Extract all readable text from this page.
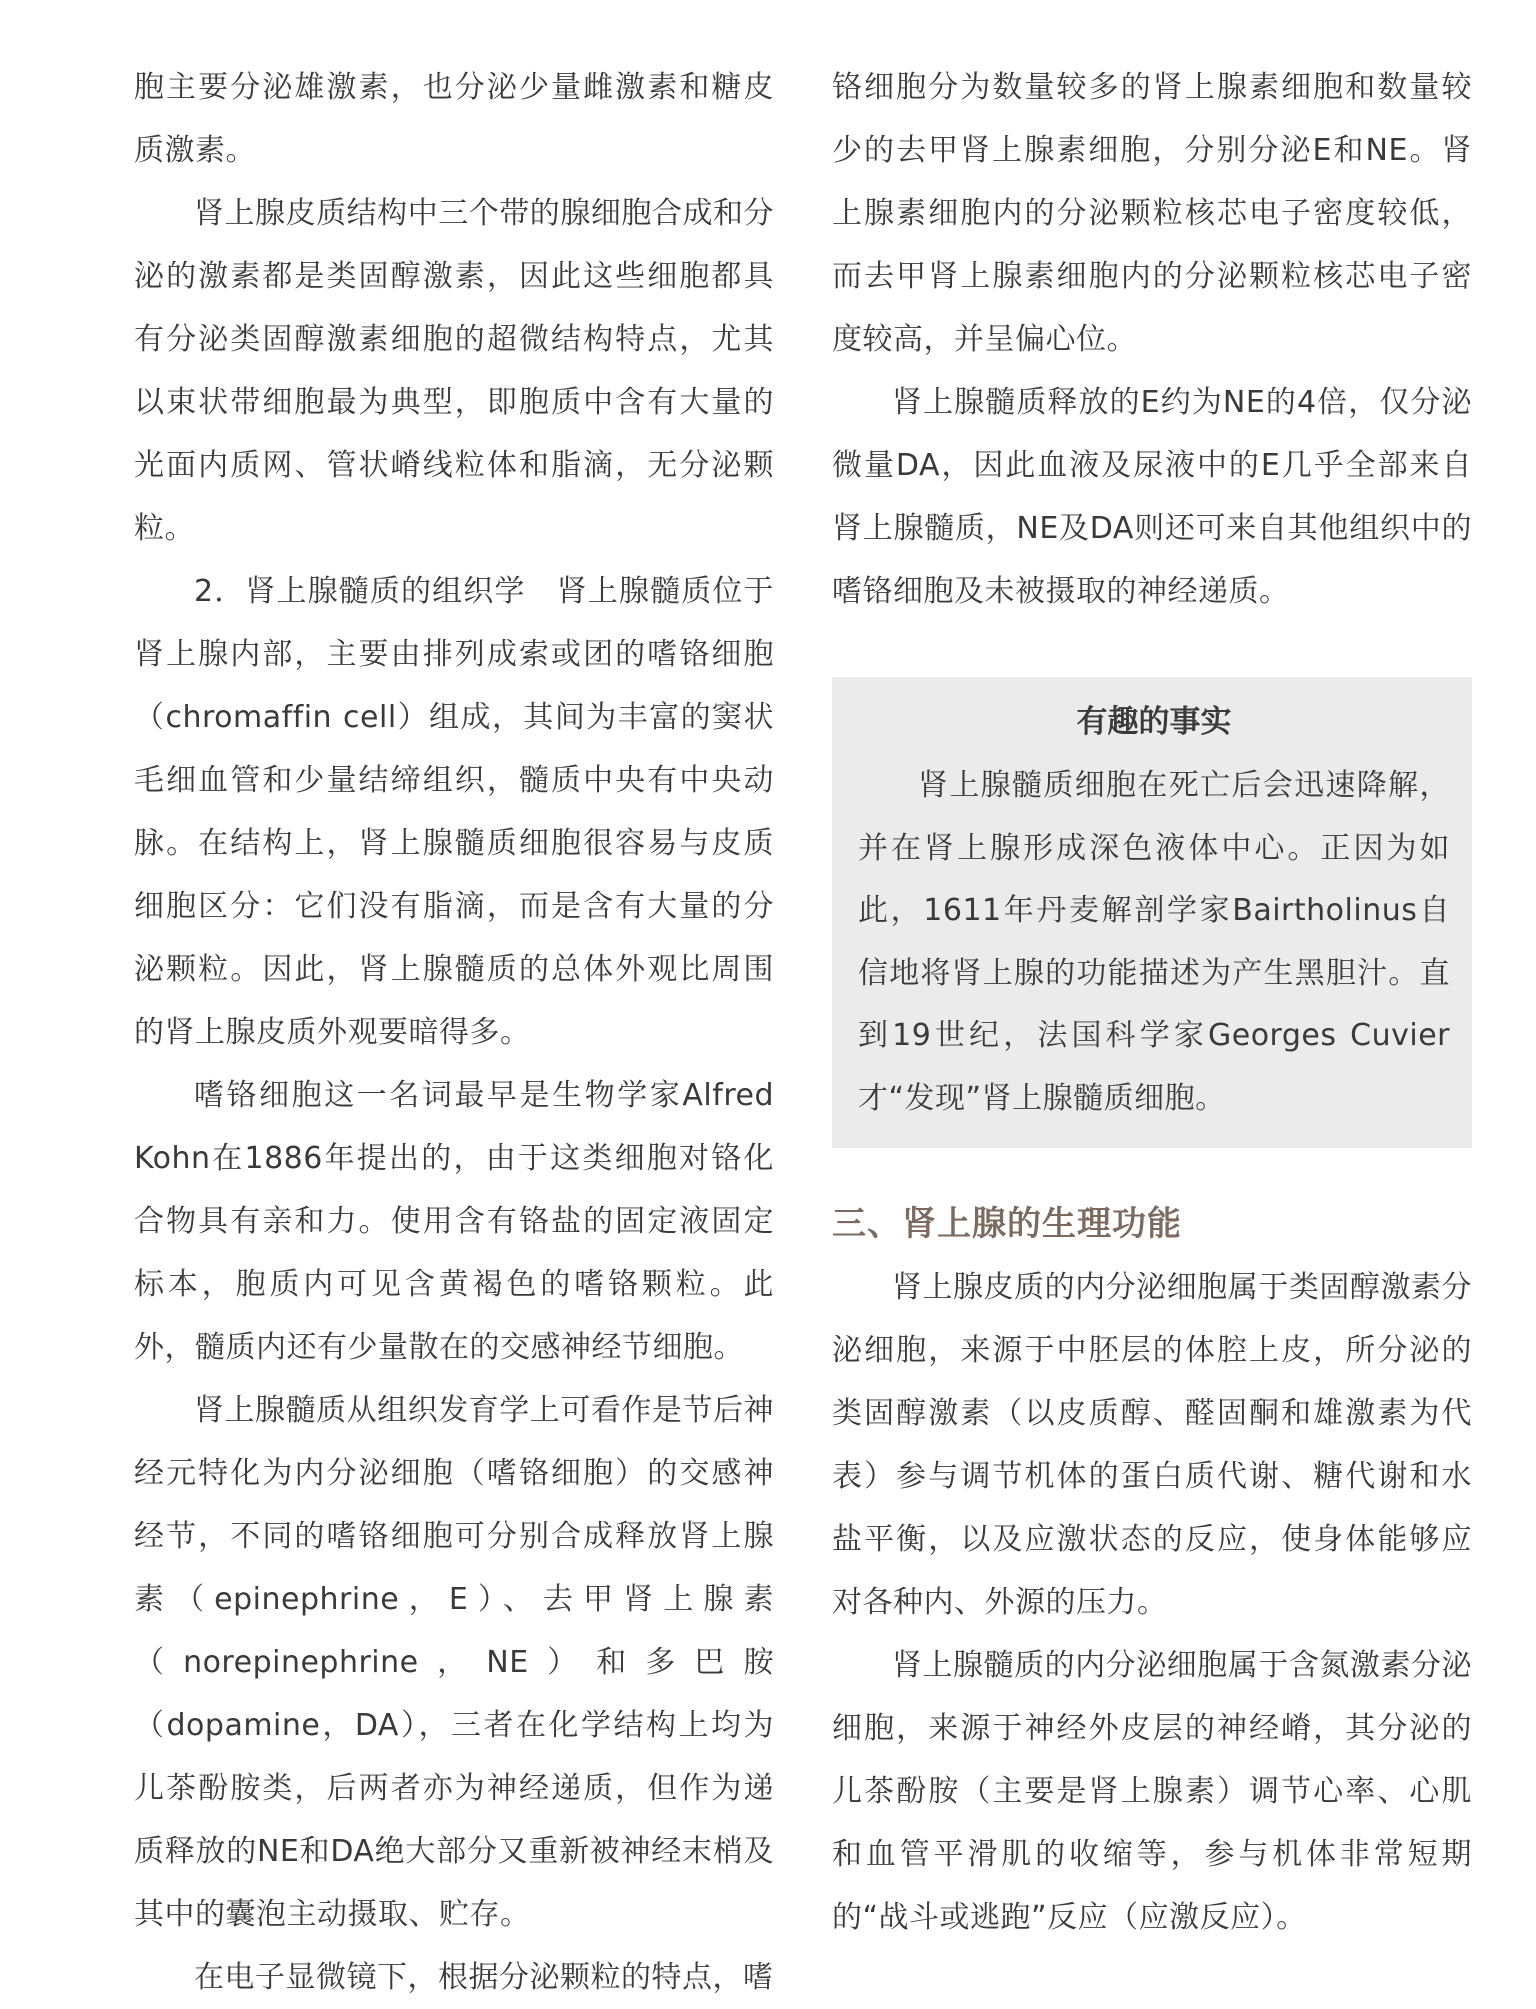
胞主要分泌雄激素，也分泌少量雌激素和糖皮质激素。

肾上腺皮质结构中三个带的腺细胞合成和分泌的激素都是类固醇激素，因此这些细胞都具有分泌类固醇激素细胞的超微结构特点，尤其以束状带细胞最为典型，即胞质中含有大量的光面内质网、管状嵴线粒体和脂滴，无分泌颗粒。

2．肾上腺髓质的组织学　肾上腺髓质位于肾上腺内部，主要由排列成索或团的嗜铬细胞（chromaffin cell）组成，其间为丰富的窦状毛细血管和少量结缔组织，髓质中央有中央动脉。在结构上，肾上腺髓质细胞很容易与皮质细胞区分：它们没有脂滴，而是含有大量的分泌颗粒。因此，肾上腺髓质的总体外观比周围的肾上腺皮质外观要暗得多。

嗜铬细胞这一名词最早是生物学家Alfred Kohn在1886年提出的，由于这类细胞对铬化合物具有亲和力。使用含有铬盐的固定液固定标本，胞质内可见含黄褐色的嗜铬颗粒。此外，髓质内还有少量散在的交感神经节细胞。

肾上腺髓质从组织发育学上可看作是节后神经元特化为内分泌细胞（嗜铬细胞）的交感神经节，不同的嗜铬细胞可分别合成释放肾上腺素（epinephrine，E）、去甲肾上腺素（norepinephrine，NE）和多巴胺（dopamine，DA），三者在化学结构上均为儿茶酚胺类，后两者亦为神经递质，但作为递质释放的NE和DA绝大部分又重新被神经末梢及其中的囊泡主动摄取、贮存。

在电子显微镜下，根据分泌颗粒的特点，嗜

铬细胞分为数量较多的肾上腺素细胞和数量较少的去甲肾上腺素细胞，分别分泌E和NE。肾上腺素细胞内的分泌颗粒核芯电子密度较低，而去甲肾上腺素细胞内的分泌颗粒核芯电子密度较高，并呈偏心位。

肾上腺髓质释放的E约为NE的4倍，仅分泌微量DA，因此血液及尿液中的E几乎全部来自肾上腺髓质，NE及DA则还可来自其他组织中的嗜铬细胞及未被摄取的神经递质。

有趣的事实

肾上腺髓质细胞在死亡后会迅速降解，并在肾上腺形成深色液体中心。正因为如此，1611年丹麦解剖学家Bairtholinus自信地将肾上腺的功能描述为产生黑胆汁。直到19世纪，法国科学家Georges Cuvier才“发现”肾上腺髓质细胞。

三、肾上腺的生理功能

肾上腺皮质的内分泌细胞属于类固醇激素分泌细胞，来源于中胚层的体腔上皮，所分泌的类固醇激素（以皮质醇、醛固酮和雄激素为代表）参与调节机体的蛋白质代谢、糖代谢和水盐平衡，以及应激状态的反应，使身体能够应对各种内、外源的压力。

肾上腺髓质的内分泌细胞属于含氮激素分泌细胞，来源于神经外皮层的神经嵴，其分泌的儿茶酚胺（主要是肾上腺素）调节心率、心肌和血管平滑肌的收缩等，参与机体非常短期的“战斗或逃跑”反应（应激反应）。
